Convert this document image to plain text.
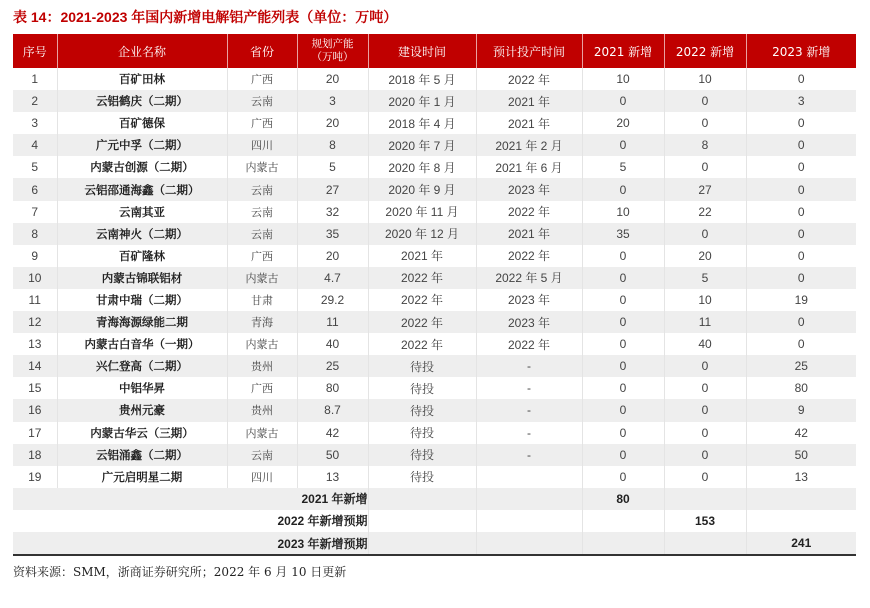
表 14：2021-2023 年国内新增电解铝产能列表（单位：万吨）
序号	企业名称	省份	规划产能
（万吨）	建设时间	预计投产时间	2021 新增	2022 新增	2023 新增
1	百矿田林	广西	20	2018 年 5 月	2022 年	10	10	0
2	云铝鹤庆（二期）	云南	3	2020 年 1 月	2021 年	0	0	3
3	百矿德保	广西	20	2018 年 4 月	2021 年	20	0	0
4	广元中孚（二期）	四川	8	2020 年 7 月	2021 年 2 月	0	8	0
5	内蒙古创源（二期）	内蒙古	5	2020 年 8 月	2021 年 6 月	5	0	0
6	云铝邵通海鑫（二期）	云南	27	2020 年 9 月	2023 年	0	27	0
7	云南其亚	云南	32	2020 年 11 月	2022 年	10	22	0
8	云南神火（二期）	云南	35	2020 年 12 月	2021 年	35	0	0
9	百矿隆林	广西	20	2021 年	2022 年	0	20	0
10	内蒙古锦联铝材	内蒙古	4.7	2022 年	2022 年 5 月	0	5	0
11	甘肃中瑞（二期）	甘肃	29.2	2022 年	2023 年	0	10	19
12	青海海源绿能二期	青海	11	2022 年	2023 年	0	11	0
13	内蒙古白音华（一期）	内蒙古	40	2022 年	2022 年	0	40	0
14	兴仁登高（二期）	贵州	25	待投	-	0	0	25
15	中铝华昇	广西	80	待投	-	0	0	80
16	贵州元豪	贵州	8.7	待投	-	0	0	9
17	内蒙古华云（三期）	内蒙古	42	待投	-	0	0	42
18	云铝涌鑫（二期）	云南	50	待投	-	0	0	50
19	广元启明星二期	四川	13	待投		0	0	13
2021 年新增						80		
2022 年新增预期							153	
2023 年新增预期								241
资料来源：SMM，浙商证券研究所；2022 年 6 月 10 日更新
